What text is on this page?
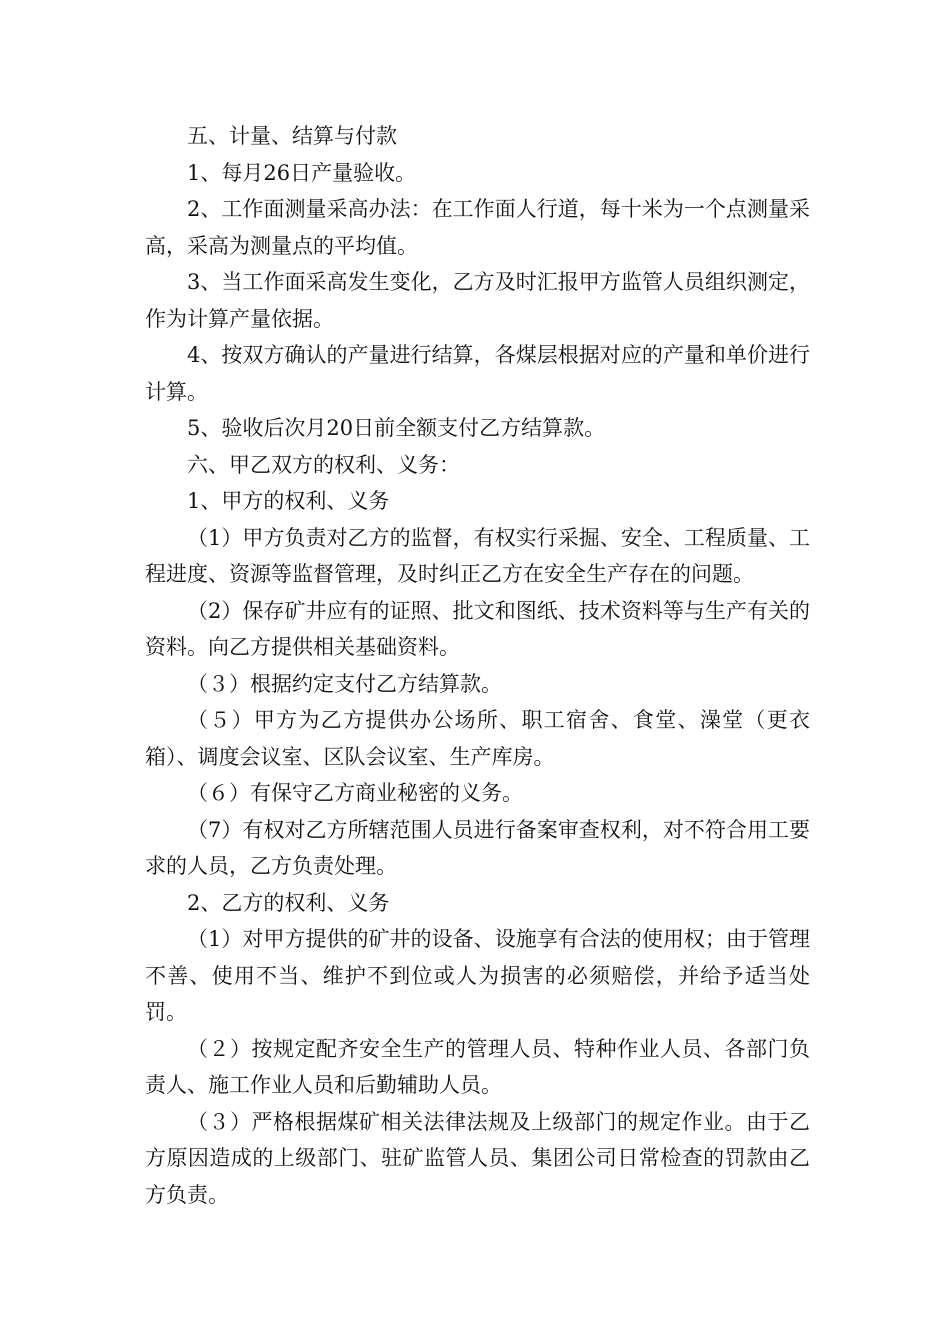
五、计量、结算与付款

1、每月26日产量验收。

2、工作面测量采高办法：在工作面人行道，每十米为一个点测量采高，采高为测量点的平均值。

3、当工作面采高发生变化，乙方及时汇报甲方监管人员组织测定，作为计算产量依据。

4、按双方确认的产量进行结算，各煤层根据对应的产量和单价进行计算。

5、验收后次月20日前全额支付乙方结算款。

六、甲乙双方的权利、义务：

1、甲方的权利、义务

（1）甲方负责对乙方的监督，有权实行采掘、安全、工程质量、工程进度、资源等监督管理，及时纠正乙方在安全生产存在的问题。

（2）保存矿井应有的证照、批文和图纸、技术资料等与生产有关的资料。向乙方提供相关基础资料。

（３）根据约定支付乙方结算款。

（５）甲方为乙方提供办公场所、职工宿舍、食堂、澡堂（更衣箱）、调度会议室、区队会议室、生产库房。

（６）有保守乙方商业秘密的义务。

（7）有权对乙方所辖范围人员进行备案审查权利，对不符合用工要求的人员，乙方负责处理。

2、乙方的权利、义务

（1）对甲方提供的矿井的设备、设施享有合法的使用权；由于管理不善、使用不当、维护不到位或人为损害的必须赔偿，并给予适当处罚。

（２）按规定配齐安全生产的管理人员、特种作业人员、各部门负责人、施工作业人员和后勤辅助人员。

（３）严格根据煤矿相关法律法规及上级部门的规定作业。由于乙方原因造成的上级部门、驻矿监管人员、集团公司日常检查的罚款由乙方负责。
